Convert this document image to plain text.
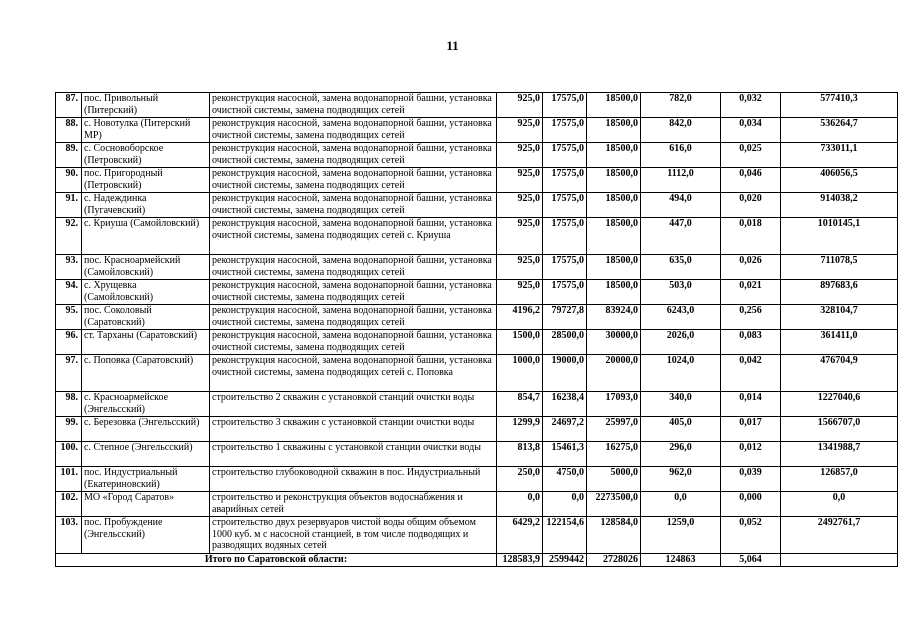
11
87.	пос. Привольный (Питерский)	реконструкция насосной, замена водонапорной башни, установка очистной системы, замена подводящих сетей	925,0	17575,0	18500,0	782,0	0,032	577410,3
88.	с. Новотулка (Питерский МР)	реконструкция насосной, замена водонапорной башни, установка очистной системы, замена подводящих сетей	925,0	17575,0	18500,0	842,0	0,034	536264,7
89.	с. Сосновоборское (Петровский)	реконструкция насосной, замена водонапорной башни, установка очистной системы, замена подводящих сетей	925,0	17575,0	18500,0	616,0	0,025	733011,1
90.	пос. Пригородный (Петровский)	реконструкция насосной, замена водонапорной башни, установка очистной системы, замена подводящих сетей	925,0	17575,0	18500,0	1112,0	0,046	406056,5
91.	с. Надеждинка (Пугачевский)	реконструкция насосной, замена водонапорной башни, установка очистной системы, замена подводящих сетей	925,0	17575,0	18500,0	494,0	0,020	914038,2
92.	с. Криуша (Самойловский)	реконструкция насосной, замена водонапорной башни, установка очистной системы, замена подводящих сетей с. Криуша	925,0	17575,0	18500,0	447,0	0,018	1010145,1
93.	пос. Красноармейский (Самойловский)	реконструкция насосной, замена водонапорной башни, установка очистной системы, замена подводящих сетей	925,0	17575,0	18500,0	635,0	0,026	711078,5
94.	с. Хрущевка (Самойловский)	реконструкция насосной, замена водонапорной башни, установка очистной системы, замена подводящих сетей	925,0	17575,0	18500,0	503,0	0,021	897683,6
95.	пос. Соколовый (Саратовский)	реконструкция насосной, замена водонапорной башни, установка очистной системы, замена подводящих сетей	4196,2	79727,8	83924,0	6243,0	0,256	328104,7
96.	ст. Тарханы (Саратовский)	реконструкция насосной, замена водонапорной башни, установка очистной системы, замена подводящих сетей	1500,0	28500,0	30000,0	2026,0	0,083	361411,0
97.	с. Поповка (Саратовский)	реконструкция насосной, замена водонапорной башни, установка очистной системы, замена подводящих сетей с. Поповка	1000,0	19000,0	20000,0	1024,0	0,042	476704,9
98.	с. Красноармейское (Энгельсский)	строительство 2 скважин с установкой станций очистки воды	854,7	16238,4	17093,0	340,0	0,014	1227040,6
99.	с. Березовка (Энгельсский)	строительство 3 скважин с установкой станции очистки воды	1299,9	24697,2	25997,0	405,0	0,017	1566707,0
100.	с. Степное (Энгельсский)	строительство 1 скважины с установкой станции очистки воды	813,8	15461,3	16275,0	296,0	0,012	1341988,7
101.	пос. Индустриальный (Екатериновский)	строительство глубоководной скважин в пос. Индустриальный	250,0	4750,0	5000,0	962,0	0,039	126857,0
102.	МО «Город Саратов»	строительство и реконструкция объектов водоснабжения и аварийных сетей	0,0	0,0	2273500,0	0,0	0,000	0,0
103.	пос. Пробуждение (Энгельсский)	строительство двух резервуаров чистой воды общим объемом 1000 куб. м с насосной станцией, в том числе подводящих и разводящих водяных сетей	6429,2	122154,6	128584,0	1259,0	0,052	2492761,7
Итого по Саратовской области:			128583,9	2599442	2728026	124863	5,064	
